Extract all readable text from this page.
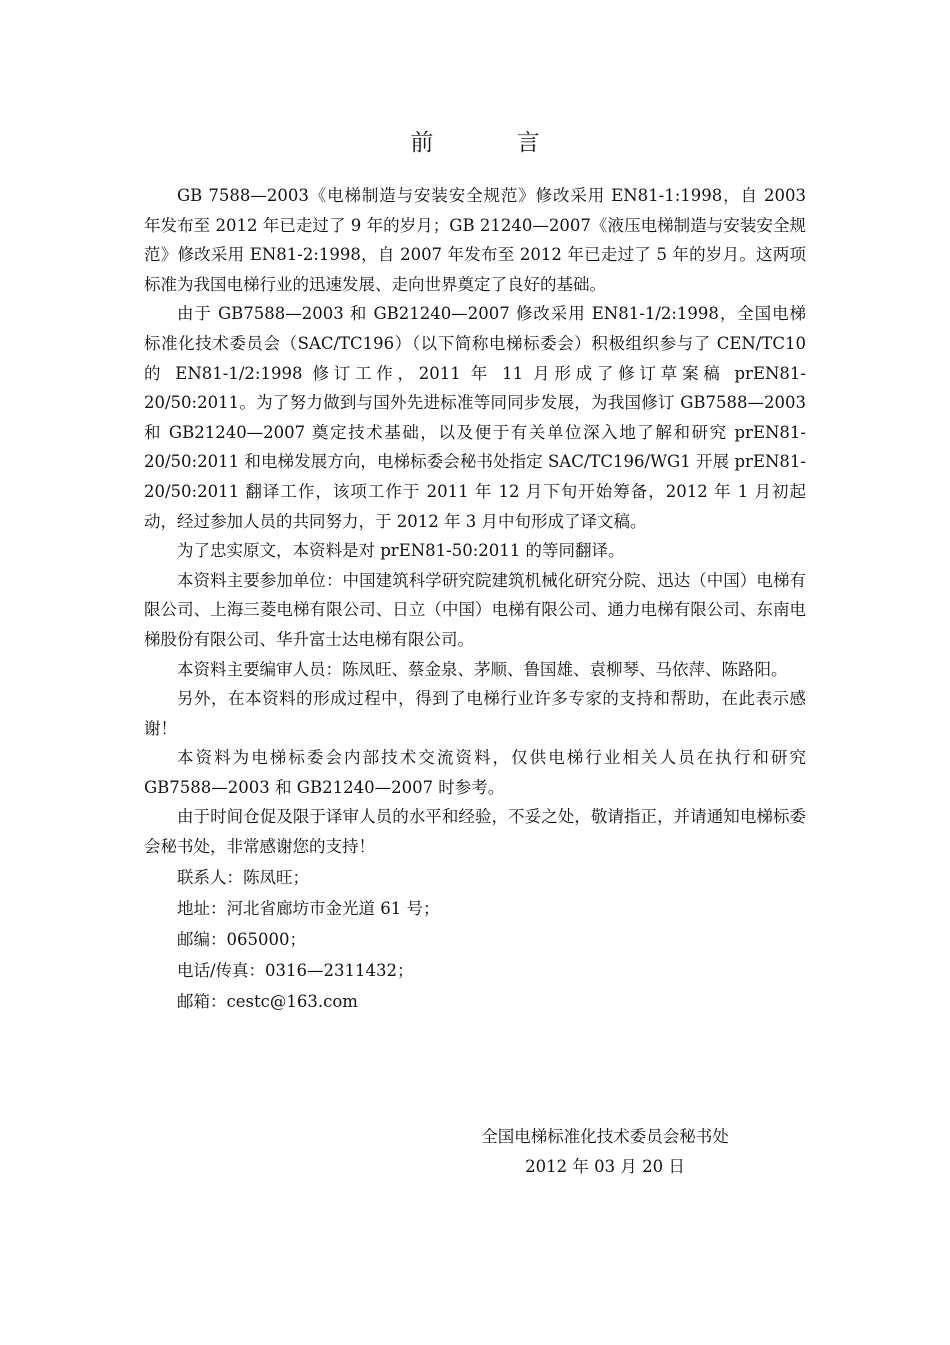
前 言

GB 7588—2003《电梯制造与安装安全规范》修改采用 EN81-1:1998，自 2003 年发布至 2012 年已走过了 9 年的岁月；GB 21240—2007《液压电梯制造与安装安全规范》修改采用 EN81-2:1998，自 2007 年发布至 2012 年已走过了 5 年的岁月。这两项标准为我国电梯行业的迅速发展、走向世界奠定了良好的基础。

由于 GB7588—2003 和 GB21240—2007 修改采用 EN81-1/2:1998，全国电梯标准化技术委员会（SAC/TC196）（以下简称电梯标委会）积极组织参与了 CEN/TC10 的 EN81-1/2:1998 修订工作，2011 年 11 月形成了修订草案稿 prEN81-20/50:2011。为了努力做到与国外先进标准等同同步发展，为我国修订 GB7588—2003 和 GB21240—2007 奠定技术基础，以及便于有关单位深入地了解和研究 prEN81-20/50:2011 和电梯发展方向，电梯标委会秘书处指定 SAC/TC196/WG1 开展 prEN81-20/50:2011 翻译工作，该项工作于 2011 年 12 月下旬开始筹备，2012 年 1 月初起动，经过参加人员的共同努力，于 2012 年 3 月中旬形成了译文稿。

为了忠实原文，本资料是对 prEN81-50:2011 的等同翻译。

本资料主要参加单位：中国建筑科学研究院建筑机械化研究分院、迅达（中国）电梯有限公司、上海三菱电梯有限公司、日立（中国）电梯有限公司、通力电梯有限公司、东南电梯股份有限公司、华升富士达电梯有限公司。

本资料主要编审人员：陈凤旺、蔡金泉、茅顺、鲁国雄、袁柳琴、马依萍、陈路阳。

另外，在本资料的形成过程中，得到了电梯行业许多专家的支持和帮助，在此表示感谢！

本资料为电梯标委会内部技术交流资料，仅供电梯行业相关人员在执行和研究 GB7588—2003 和 GB21240—2007 时参考。

由于时间仓促及限于译审人员的水平和经验，不妥之处，敬请指正，并请通知电梯标委会秘书处，非常感谢您的支持！

联系人：陈凤旺；

地址：河北省廊坊市金光道 61 号；

邮编：065000；

电话/传真：0316—2311432；

邮箱：cestc@163.com

全国电梯标准化技术委员会秘书处
2012 年 03 月 20 日
